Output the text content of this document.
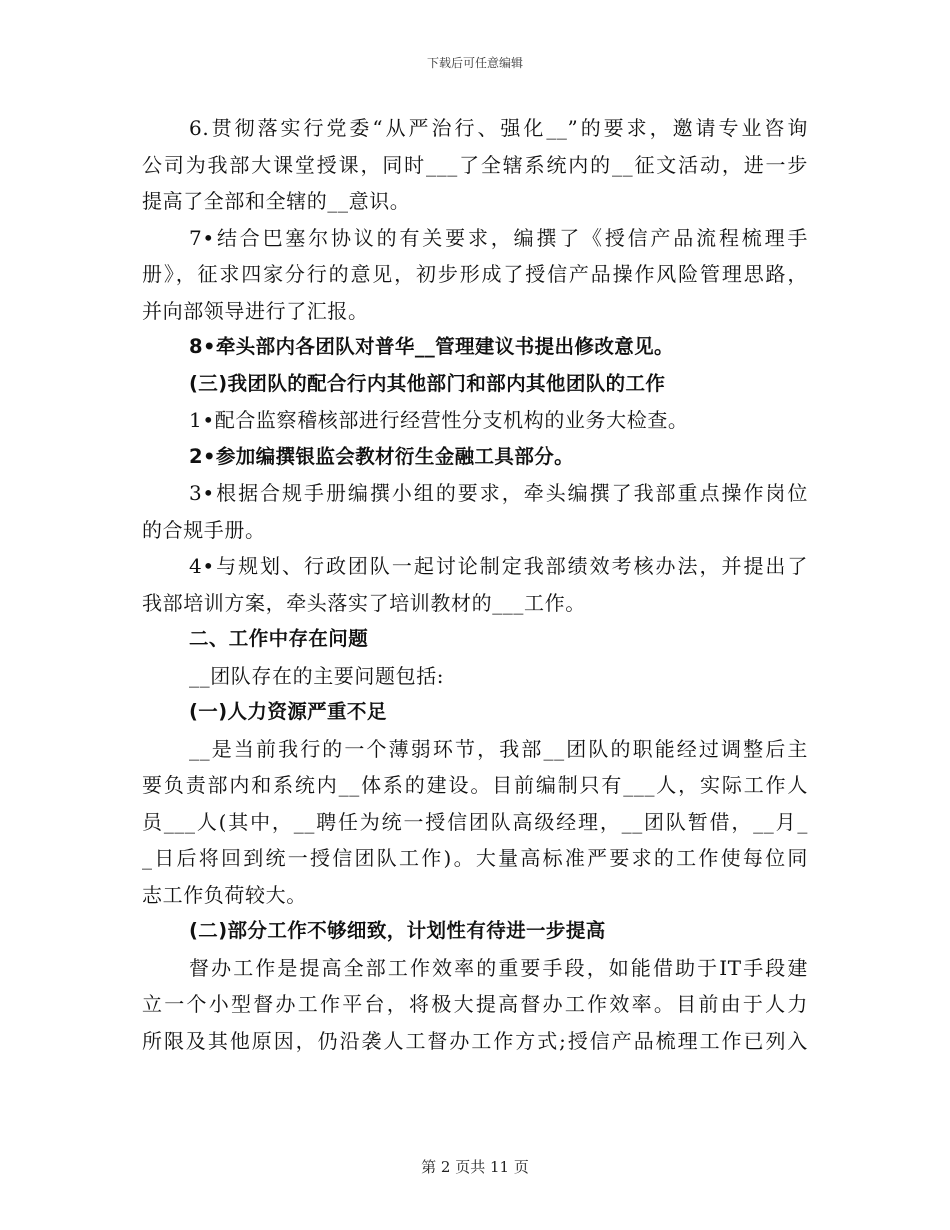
下载后可任意编辑
6.贯彻落实行党委“从严治行、强化__”的要求，邀请专业咨询
公司为我部大课堂授课，同时___了全辖系统内的__征文活动，进一步
提高了全部和全辖的__意识。
7•结合巴塞尔协议的有关要求，编撰了《授信产品流程梳理手
册》，征求四家分行的意见，初步形成了授信产品操作风险管理思路，
并向部领导进行了汇报。
8•牵头部内各团队对普华__管理建议书提出修改意见。
(三)我团队的配合行内其他部门和部内其他团队的工作
1•配合监察稽核部进行经营性分支机构的业务大检查。
2•参加编撰银监会教材衍生金融工具部分。
3•根据合规手册编撰小组的要求，牵头编撰了我部重点操作岗位
的合规手册。
4•与规划、行政团队一起讨论制定我部绩效考核办法，并提出了
我部培训方案，牵头落实了培训教材的___工作。
二、工作中存在问题
__团队存在的主要问题包括:
(一)人力资源严重不足
__是当前我行的一个薄弱环节，我部__团队的职能经过调整后主
要负责部内和系统内__体系的建设。目前编制只有___人，实际工作人
员___人(其中，__聘任为统一授信团队高级经理，__团队暂借，__月_
_日后将回到统一授信团队工作)。大量高标准严要求的工作使每位同
志工作负荷较大。
(二)部分工作不够细致，计划性有待进一步提高
督办工作是提高全部工作效率的重要手段，如能借助于IT手段建
立一个小型督办工作平台，将极大提高督办工作效率。目前由于人力
所限及其他原因，仍沿袭人工督办工作方式;授信产品梳理工作已列入
第 2 页共 11 页
